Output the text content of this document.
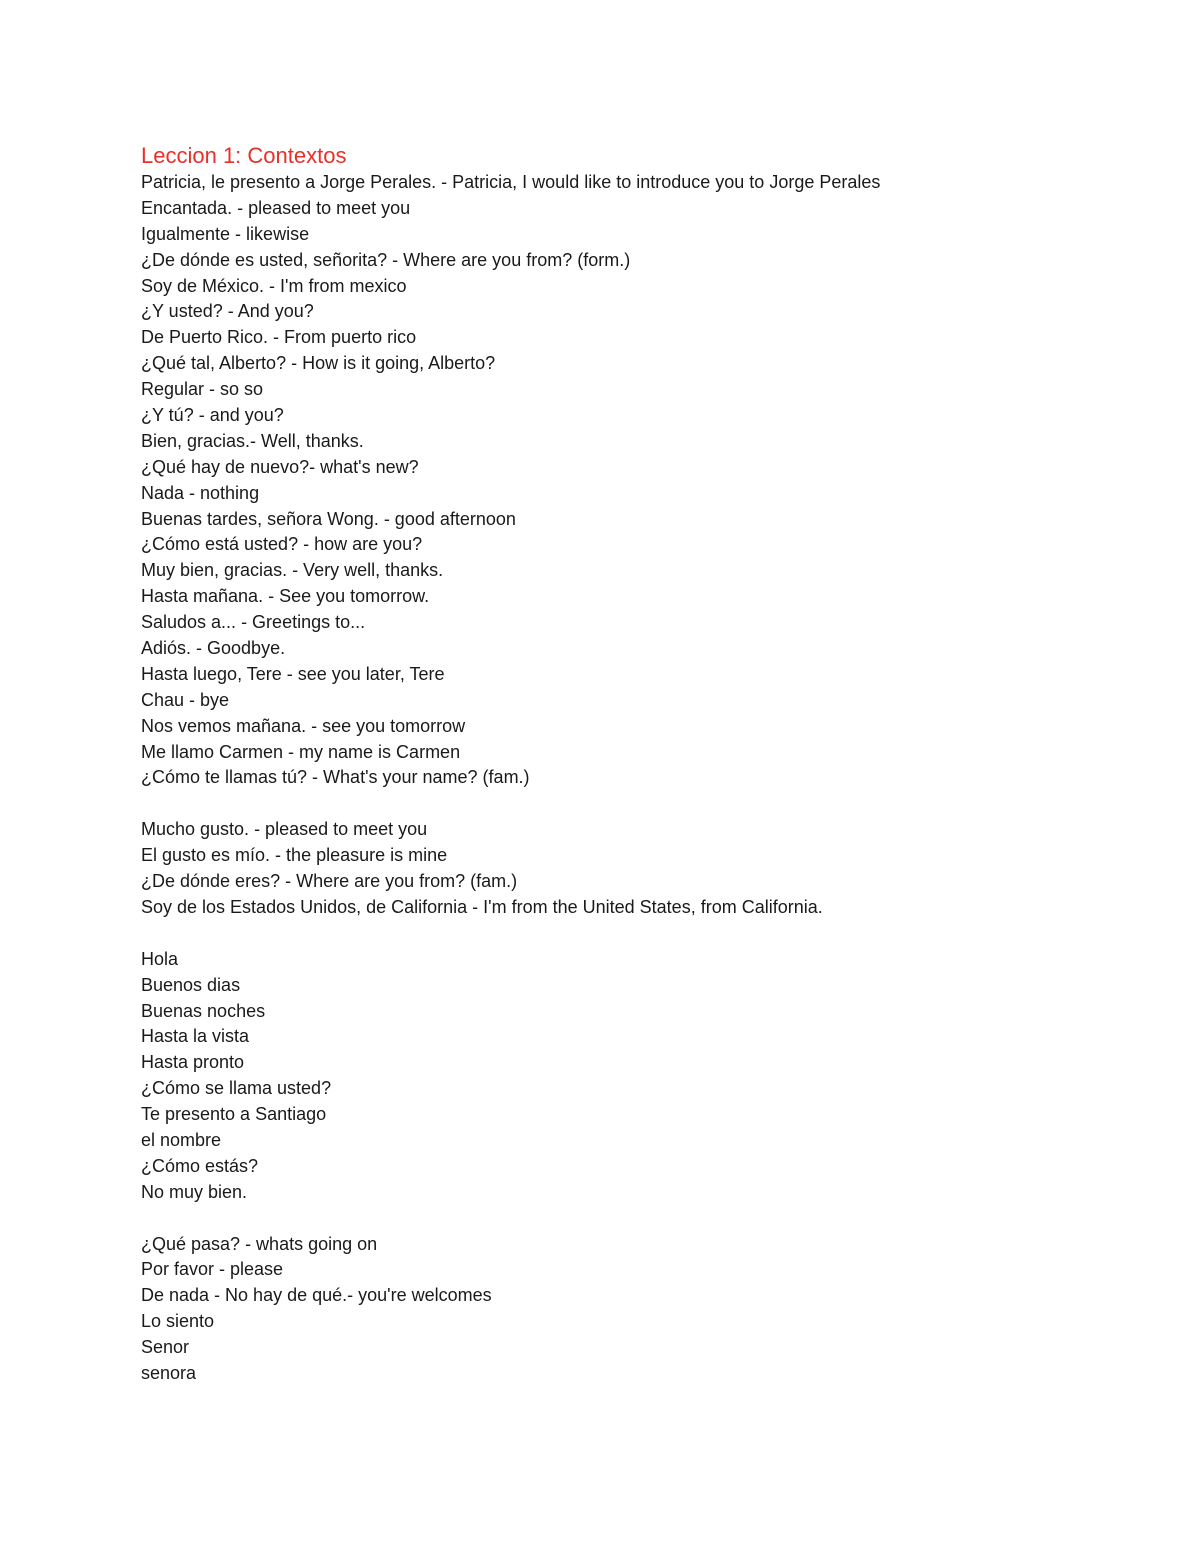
Leccion 1: Contextos
Patricia, le presento a Jorge Perales. - Patricia, I would like to introduce you to Jorge Perales
Encantada. - pleased to meet you
Igualmente - likewise
¿De dónde es usted, señorita? - Where are you from? (form.)
Soy de México. - I'm from mexico
¿Y usted? - And you?
De Puerto Rico. - From puerto rico
¿Qué tal, Alberto? - How is it going, Alberto?
Regular - so so
¿Y tú? - and you?
Bien, gracias.- Well, thanks.
¿Qué hay de nuevo?- what's new?
Nada - nothing
Buenas tardes, señora Wong. - good afternoon
¿Cómo está usted? - how are you?
Muy bien, gracias. - Very well, thanks.
Hasta mañana. - See you tomorrow.
Saludos a... - Greetings to...
Adiós. - Goodbye.
Hasta luego, Tere - see you later, Tere
Chau - bye
Nos vemos mañana. - see you tomorrow
Me llamo Carmen - my name is Carmen
¿Cómo te llamas tú? - What's your name? (fam.)
Mucho gusto. - pleased to meet you
El gusto es mío. - the pleasure is mine
¿De dónde eres? - Where are you from? (fam.)
Soy de los Estados Unidos, de California - I'm from the United States, from California.
Hola
Buenos dias
Buenas noches
Hasta la vista
Hasta pronto
¿Cómo se llama usted?
Te presento a Santiago
el nombre
¿Cómo estás?
No muy bien.
¿Qué pasa? - whats going on
Por favor - please
De nada - No hay de qué.- you're welcomes
Lo siento
Senor
senora
